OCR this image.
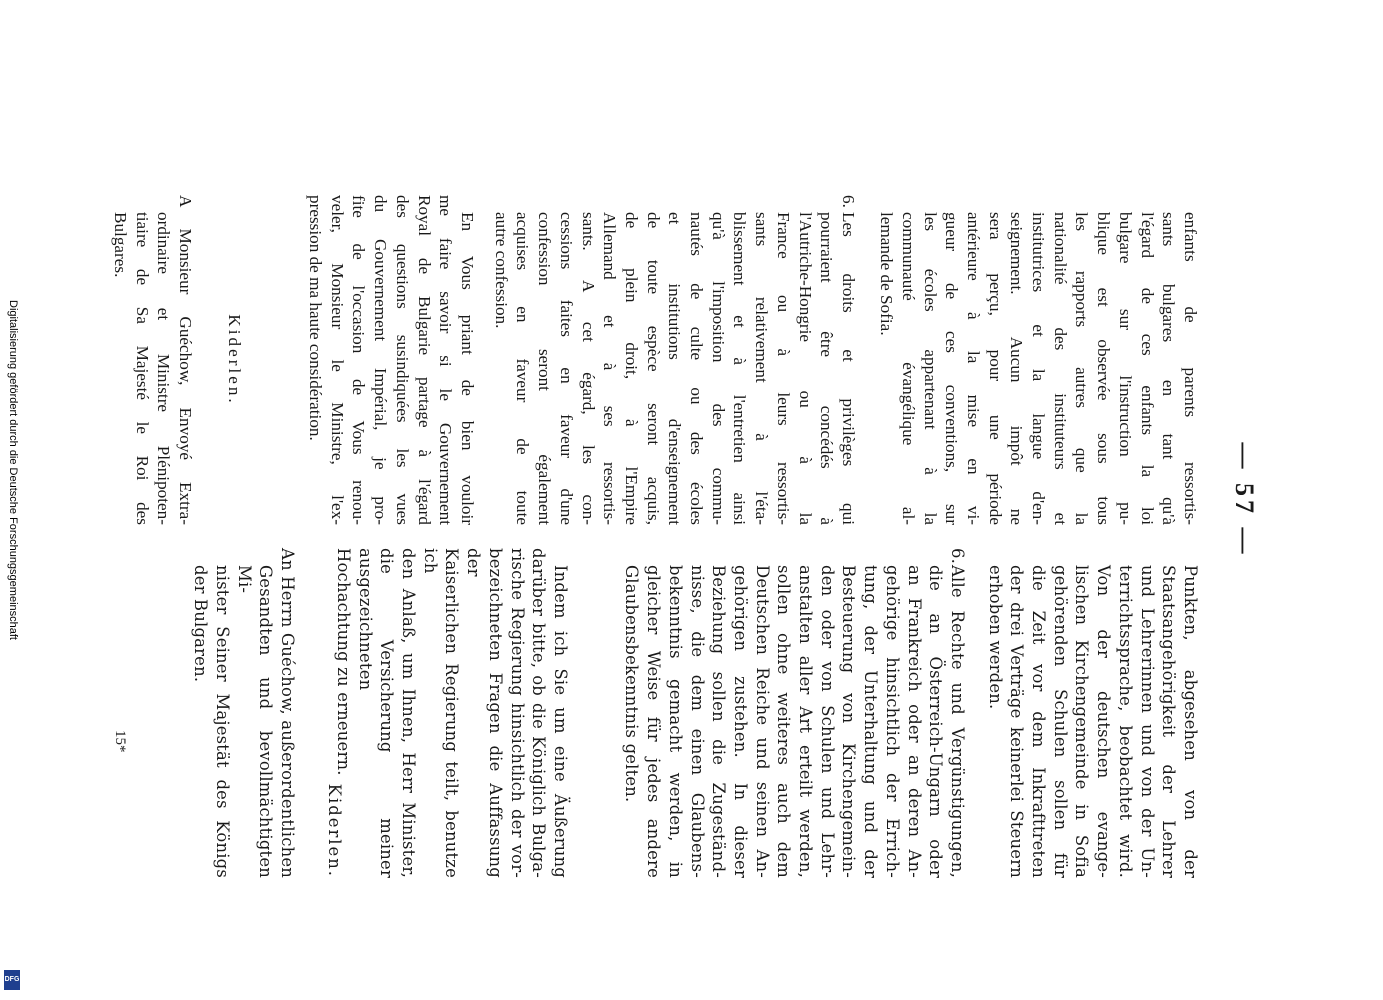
Digitalisierung gefördert durch die Deutsche Forschungsgemeinschaft
DFG
— 57 —
enfants de parents ressortis-
sants bulgares en tant qu'à
l'égard de ces enfants la loi
bulgare sur l'instruction pu-
blique est observée sous tous
les rapports autres que la
nationalité des instituteurs et
institutrices et la langue d'en-
seignement. Aucun impôt ne
sera perçu, pour une période
antérieure à la mise en vi-
gueur de ces conventions, sur
les écoles appartenant à la
communauté évangélique al-
lemande de Sofia.
6.
Les droits et privilèges qui
pourraient être concédés à
l'Autriche-Hongrie ou à la
France ou à leurs ressortis-
sants relativement à l'éta-
blissement et à l'entretien ainsi
qu'à l'imposition des commu-
nautés de culte ou des écoles
et institutions d'enseignement
de toute espèce seront acquis,
de plein droit, à l'Empire
Allemand et à ses ressortis-
sants. A cet égard, les con-
cessions faites en faveur d'une
confession seront également
acquises en faveur de toute
autre confession.
En Vous priant de bien vouloir
me faire savoir si le Gouvernement
Royal de Bulgarie partage à l'égard
des questions susindiquées les vues
du Gouvernement Impérial, je pro-
fite de l'occasion de Vous renou-
veler, Monsieur le Ministre, l'ex-
pression de ma haute considération.
Kiderlen.
A Monsieur Guéchow, Envoyé Extra-
ordinaire et Ministre Plénipoten-
tiaire de Sa Majesté le Roi des
Bulgares.
Punkten, abgesehen von der
Staatsangehörigkeit der Lehrer
und Lehrerinnen und von der Un-
terrichtssprache, beobachtet wird.
Von der deutschen evange-
lischen Kirchengemeinde in Sofia
gehörenden Schulen sollen für
die Zeit vor dem Inkrafttreten
der drei Verträge keinerlei Steuern
erhoben werden.
6.
Alle Rechte und Vergünstigungen,
die an Österreich-Ungarn oder
an Frankreich oder an deren An-
gehörige hinsichtlich der Errich-
tung, der Unterhaltung und der
Besteuerung von Kirchengemein-
den oder von Schulen und Lehr-
anstalten aller Art erteilt werden,
sollen ohne weiteres auch dem
Deutschen Reiche und seinen An-
gehörigen zustehen. In dieser
Beziehung sollen die Zugeständ-
nisse, die dem einen Glaubens-
bekenntnis gemacht werden, in
gleicher Weise für jedes andere
Glaubensbekenntnis gelten.
Indem ich Sie um eine Äußerung
darüber bitte, ob die Königlich Bulga-
rische Regierung hinsichtlich der vor-
bezeichneten Fragen die Auffassung der
Kaiserlichen Regierung teilt, benutze ich
den Anlaß, um Ihnen, Herr Minister,
die Versicherung meiner ausgezeichneten
Hochachtung zu erneuern.
Kiderlen.
An Herrn Guéchow, außerordentlichen
Gesandten und bevollmächtigten Mi-
nister Seiner Majestät des Königs
der Bulgaren.
15*
